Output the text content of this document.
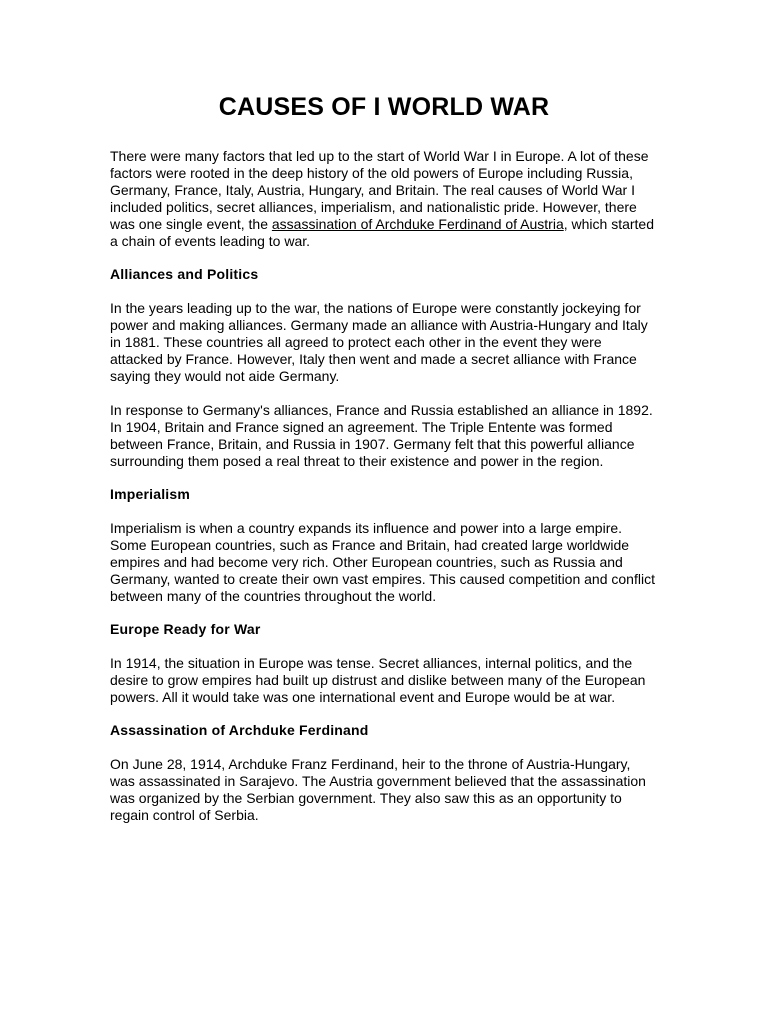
CAUSES OF I WORLD WAR

There were many factors that led up to the start of World War I in Europe. A lot of these factors were rooted in the deep history of the old powers of Europe including Russia, Germany, France, Italy, Austria, Hungary, and Britain. The real causes of World War I included politics, secret alliances, imperialism, and nationalistic pride. However, there was one single event, the assassination of Archduke Ferdinand of Austria, which started a chain of events leading to war.

Alliances and Politics

In the years leading up to the war, the nations of Europe were constantly jockeying for power and making alliances. Germany made an alliance with Austria-Hungary and Italy in 1881. These countries all agreed to protect each other in the event they were attacked by France. However, Italy then went and made a secret alliance with France saying they would not aide Germany.

In response to Germany's alliances, France and Russia established an alliance in 1892. In 1904, Britain and France signed an agreement. The Triple Entente was formed between France, Britain, and Russia in 1907. Germany felt that this powerful alliance surrounding them posed a real threat to their existence and power in the region.

Imperialism

Imperialism is when a country expands its influence and power into a large empire. Some European countries, such as France and Britain, had created large worldwide empires and had become very rich. Other European countries, such as Russia and Germany, wanted to create their own vast empires. This caused competition and conflict between many of the countries throughout the world.

Europe Ready for War

In 1914, the situation in Europe was tense. Secret alliances, internal politics, and the desire to grow empires had built up distrust and dislike between many of the European powers. All it would take was one international event and Europe would be at war.

Assassination of Archduke Ferdinand

On June 28, 1914, Archduke Franz Ferdinand, heir to the throne of Austria-Hungary, was assassinated in Sarajevo. The Austria government believed that the assassination was organized by the Serbian government. They also saw this as an opportunity to regain control of Serbia.
